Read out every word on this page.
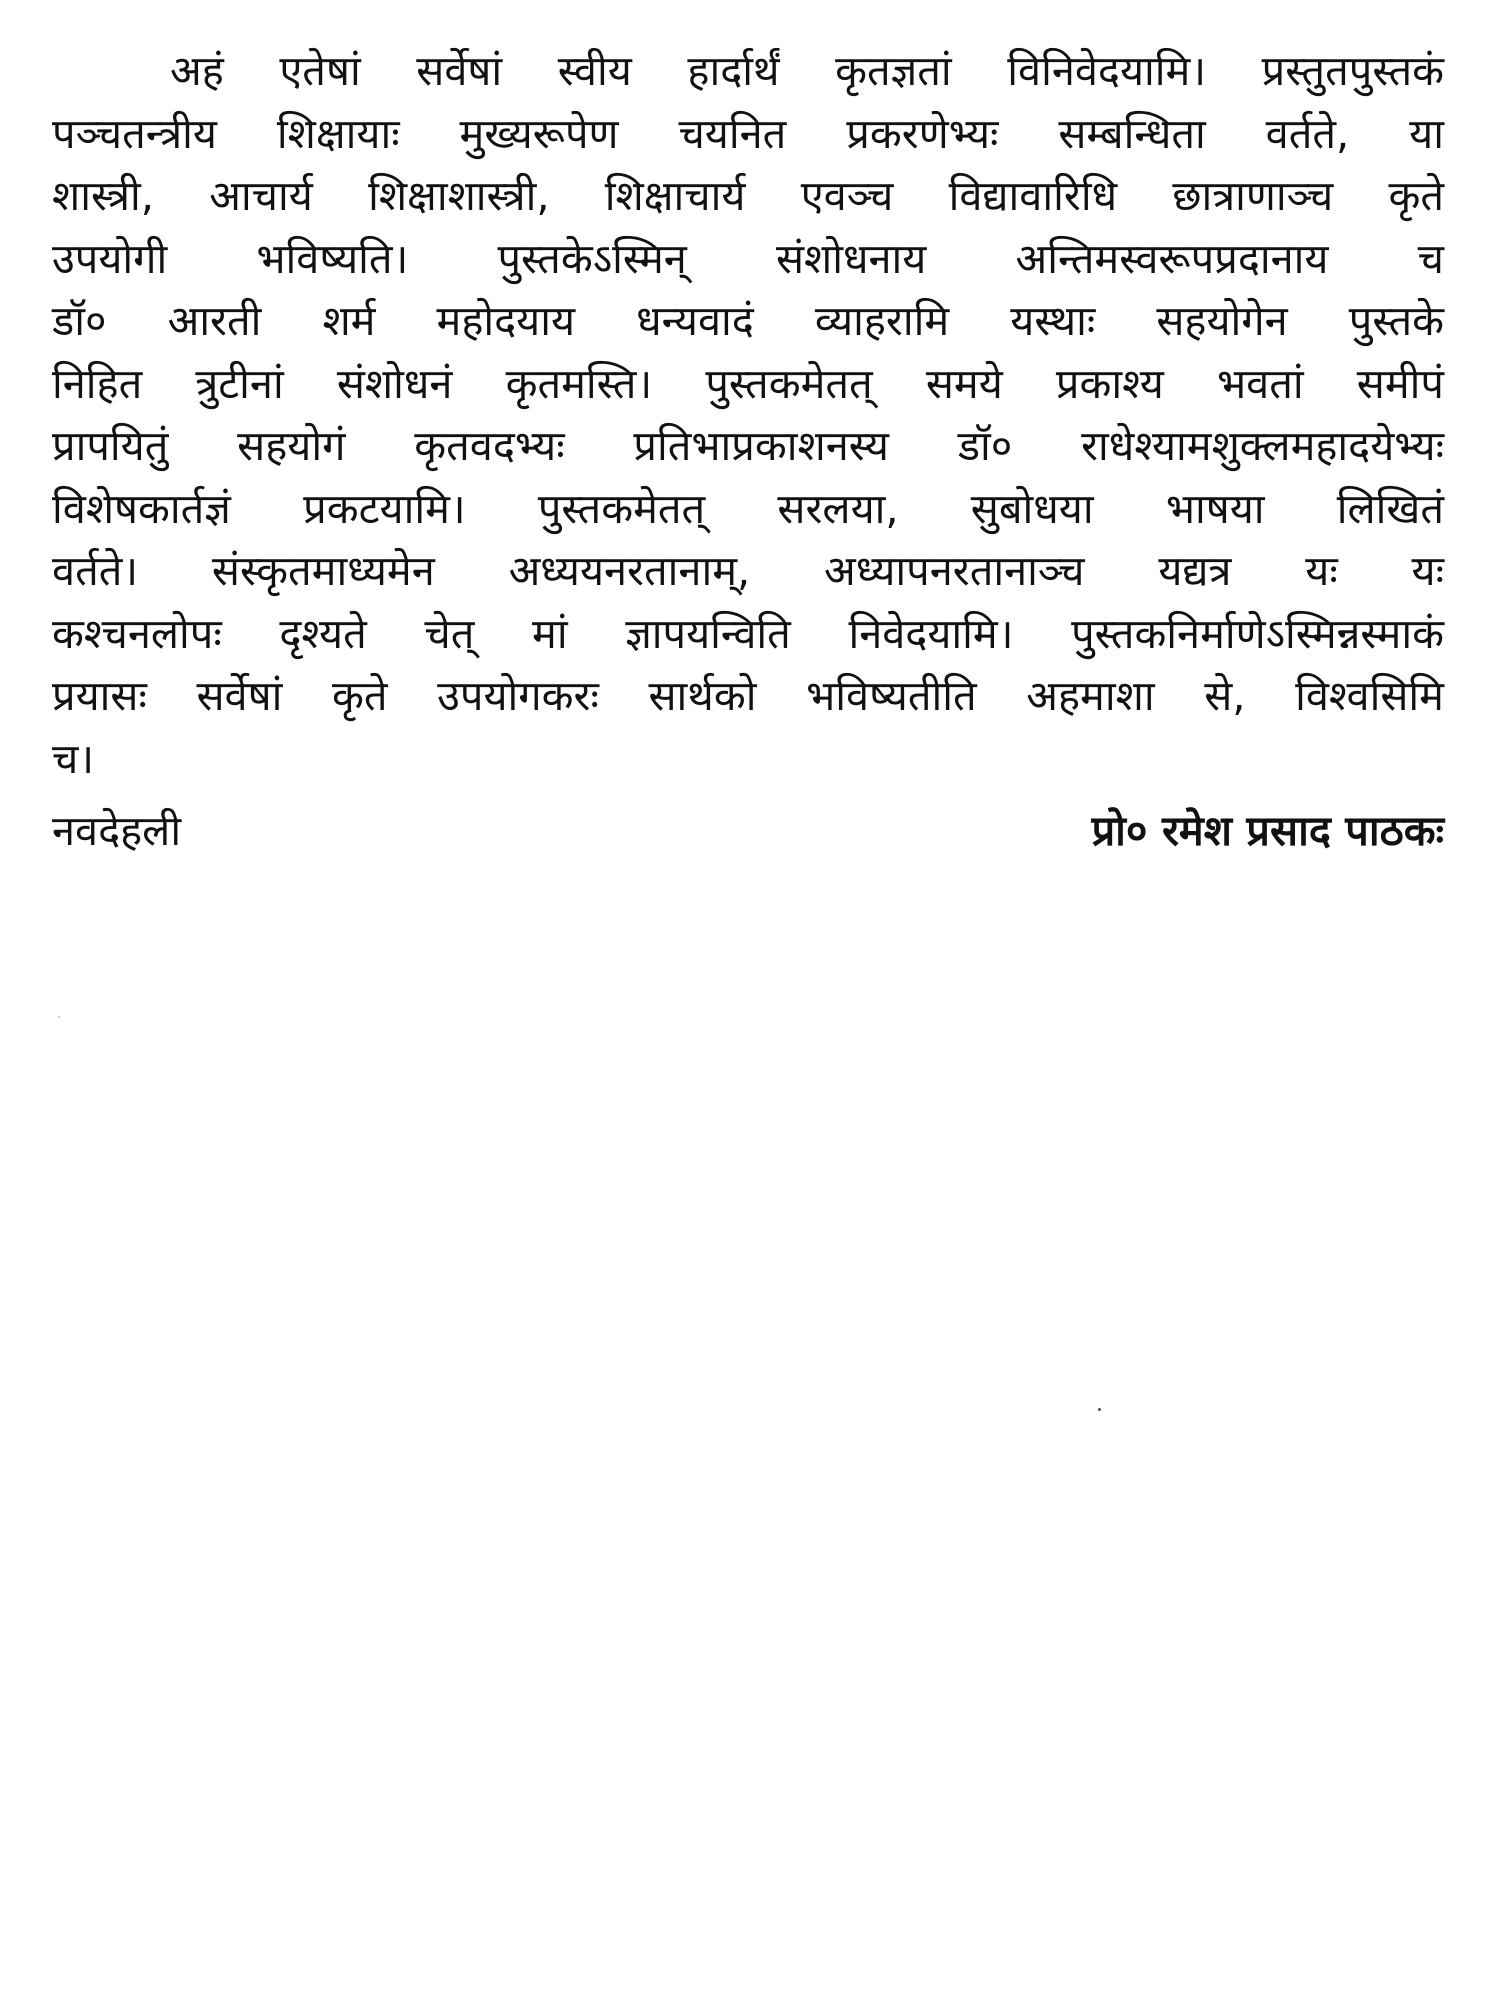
अहं एतेषां सर्वेषां स्वीय हार्दार्थं कृतज्ञतां विनिवेदयामि। प्रस्तुतपुस्तकं
पञ्चतन्त्रीय शिक्षायाः मुख्यरूपेण चयनित प्रकरणेभ्यः सम्बन्धिता वर्तते, या
शास्त्री, आचार्य शिक्षाशास्त्री, शिक्षाचार्य एवञ्च विद्यावारिधि छात्राणाञ्च कृते
उपयोगी भविष्यति। पुस्तकेऽस्मिन् संशोधनाय अन्तिमस्वरूपप्रदानाय च
डॉ० आरती शर्म महोदयाय धन्यवादं व्याहरामि यस्थाः सहयोगेन पुस्तके
निहित त्रुटीनां संशोधनं कृतमस्ति। पुस्तकमेतत् समये प्रकाश्य भवतां समीपं
प्रापयितुं सहयोगं कृतवदभ्यः प्रतिभाप्रकाशनस्य डॉ० राधेश्यामशुक्लमहादयेभ्यः
विशेषकार्तज्ञं प्रकटयामि। पुस्तकमेतत् सरलया, सुबोधया भाषया लिखितं
वर्तते। संस्कृतमाध्यमेन अध्ययनरतानाम्, अध्यापनरतानाञ्च यद्यत्र यः यः
कश्चनलोपः दृश्यते चेत् मां ज्ञापयन्विति निवेदयामि। पुस्तकनिर्माणेऽस्मिन्नस्माकं
प्रयासः सर्वेषां कृते उपयोगकरः सार्थको भविष्यतीति अहमाशा से, विश्वसिमि
च।

नवदेहली	प्रो० रमेश प्रसाद पाठकः
